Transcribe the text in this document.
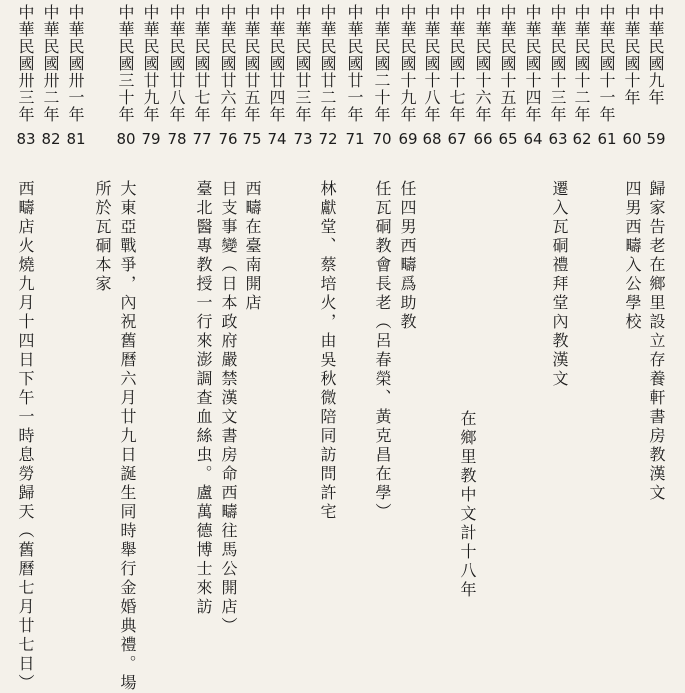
中華民國九年
中華民國十年
中華民國十一年
中華民國十二年
中華民國十三年
中華民國十四年
中華民國十五年
中華民國十六年
中華民國十七年
中華民國十八年
中華民國十九年
中華民國二十年
中華民國廿一年
中華民國廿二年
中華民國廿三年
中華民國廿四年
中華民國廿五年
中華民國廿六年
中華民國廿七年
中華民國廿八年
中華民國廿九年
中華民國三十年
中華民國卅一年
中華民國卅二年
中華民國卅三年
59
60
61
62
63
64
65
66
67
68
69
70
71
72
73
74
75
76
77
78
79
80
81
82
83
歸家告老在鄉里設立存養軒書房教漢文
四男西疇入公學校
遷入瓦硐禮拜堂內教漢文
在鄉里教中文計十八年
任四男西疇爲助教
任瓦硐教會長老（呂春榮、黃克昌在學）
林獻堂、蔡培火，由吳秋微陪同訪問許宅
西疇在臺南開店
日支事變（日本政府嚴禁漢文書房命西疇往馬公開店）
臺北醫專教授一行來澎調查血絲虫。盧萬德博士來訪
大東亞戰爭，內祝舊曆六月廿九日誕生同時舉行金婚典禮。場
所於瓦硐本家
西疇店火燒九月十四日下午一時息勞歸天（舊曆七月廿七日）
